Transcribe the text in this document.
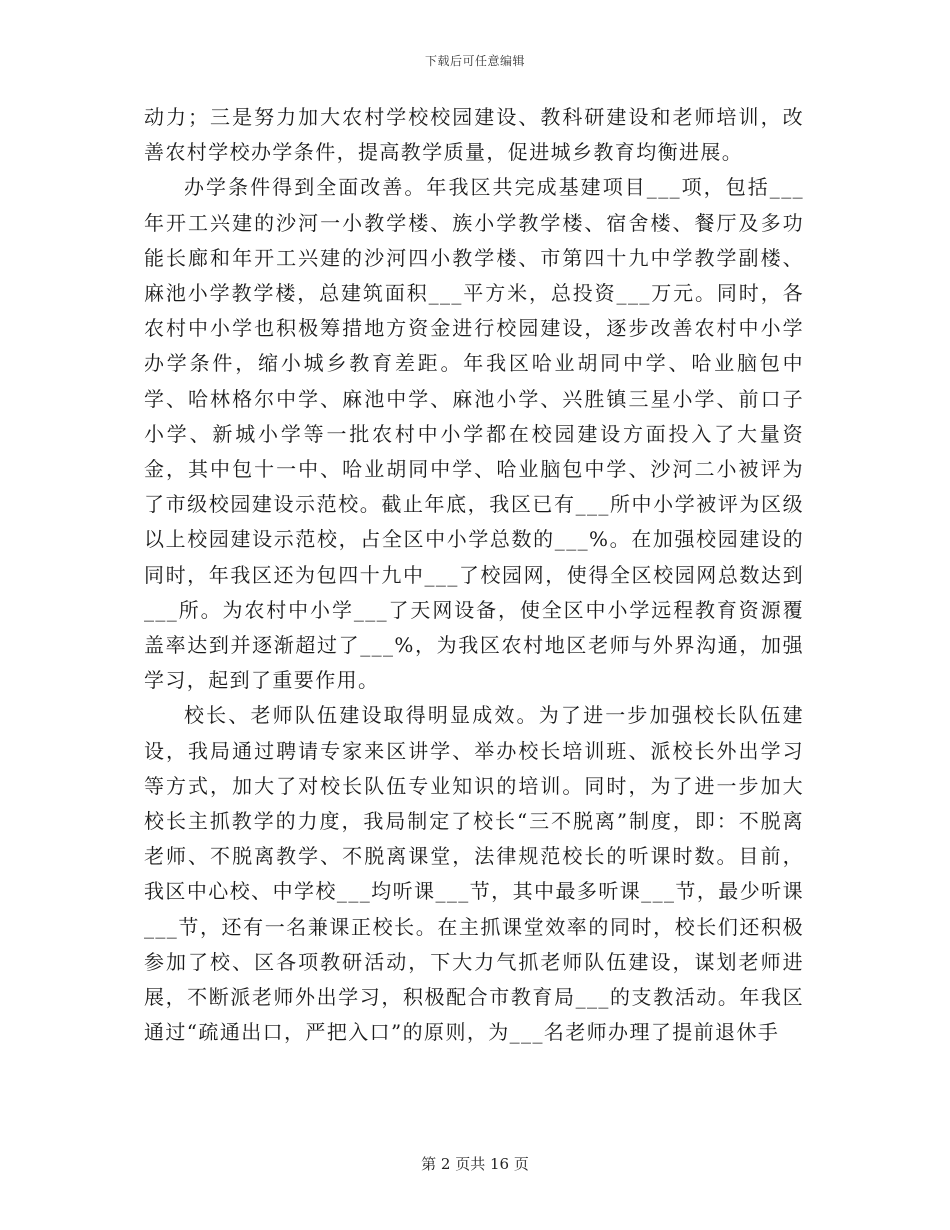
下载后可任意编辑

动力；三是努力加大农村学校校园建设、教科研建设和老师培训，改善农村学校办学条件，提高教学质量，促进城乡教育均衡进展。

办学条件得到全面改善。年我区共完成基建项目___项，包括___年开工兴建的沙河一小教学楼、族小学教学楼、宿舍楼、餐厅及多功能长廊和年开工兴建的沙河四小教学楼、市第四十九中学教学副楼、麻池小学教学楼，总建筑面积___平方米，总投资___万元。同时，各农村中小学也积极筹措地方资金进行校园建设，逐步改善农村中小学办学条件，缩小城乡教育差距。年我区哈业胡同中学、哈业脑包中学、哈林格尔中学、麻池中学、麻池小学、兴胜镇三星小学、前口子小学、新城小学等一批农村中小学都在校园建设方面投入了大量资金，其中包十一中、哈业胡同中学、哈业脑包中学、沙河二小被评为了市级校园建设示范校。截止年底，我区已有___所中小学被评为区级以上校园建设示范校，占全区中小学总数的___%。在加强校园建设的同时，年我区还为包四十九中___了校园网，使得全区校园网总数达到___所。为农村中小学___了天网设备，使全区中小学远程教育资源覆盖率达到并逐渐超过了___%，为我区农村地区老师与外界沟通，加强学习，起到了重要作用。

校长、老师队伍建设取得明显成效。为了进一步加强校长队伍建设，我局通过聘请专家来区讲学、举办校长培训班、派校长外出学习等方式，加大了对校长队伍专业知识的培训。同时，为了进一步加大校长主抓教学的力度，我局制定了校长“三不脱离”制度，即：不脱离老师、不脱离教学、不脱离课堂，法律规范校长的听课时数。目前，我区中心校、中学校___均听课___节，其中最多听课___节，最少听课___节，还有一名兼课正校长。在主抓课堂效率的同时，校长们还积极参加了校、区各项教研活动，下大力气抓老师队伍建设，谋划老师进展，不断派老师外出学习，积极配合市教育局___的支教活动。年我区通过“疏通出口，严把入口”的原则，为___名老师办理了提前退休手

第 2 页共 16 页
